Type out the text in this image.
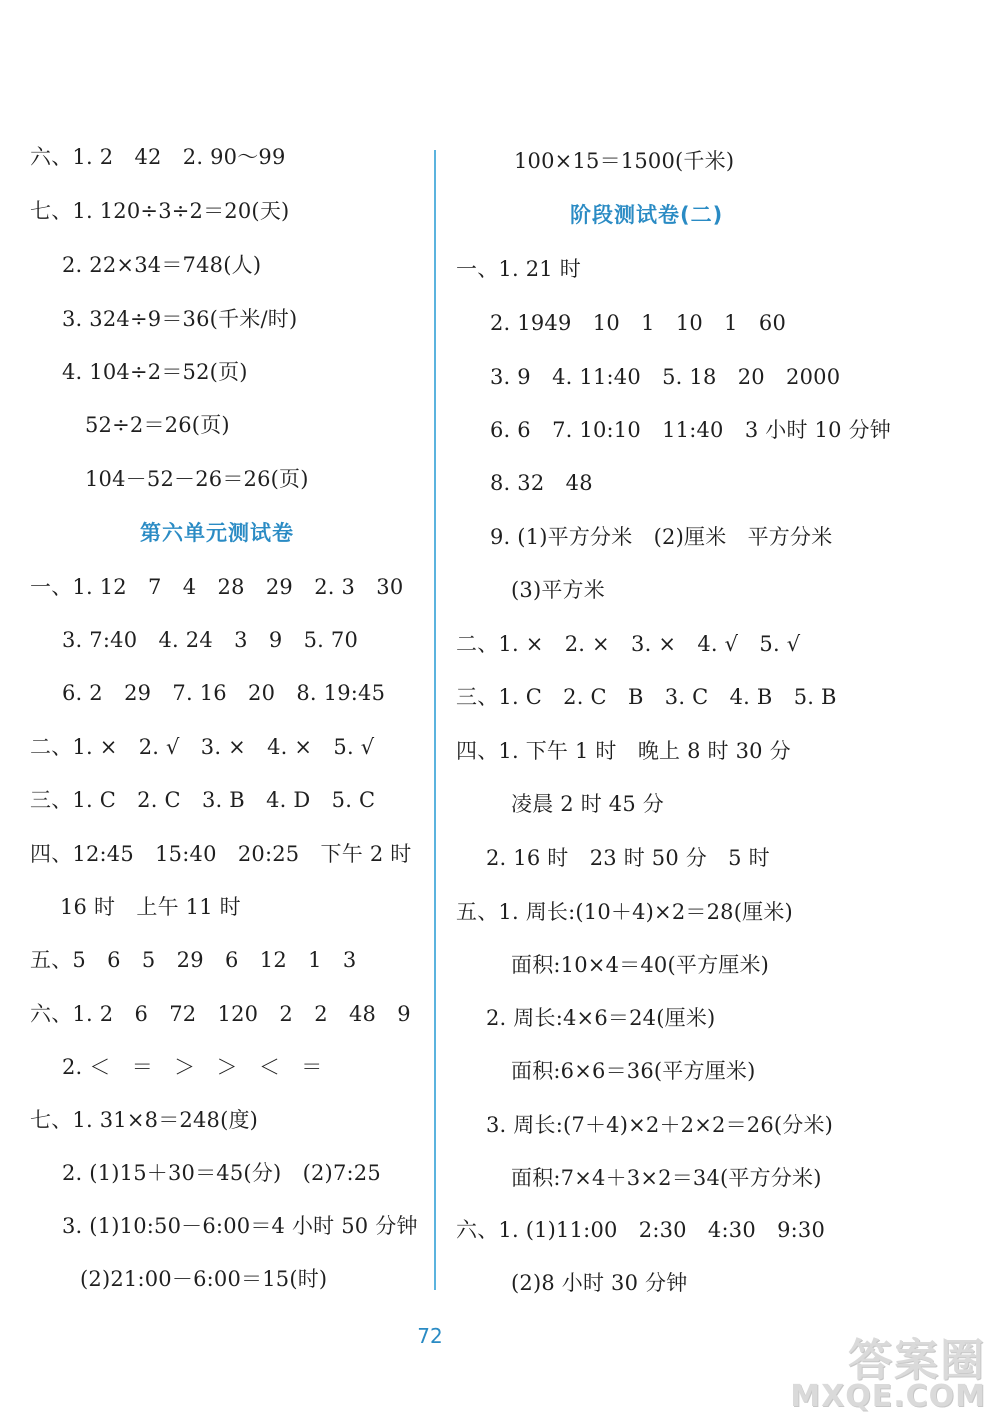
六、1. 2　42　2. 90～99
七、1. 120÷3÷2＝20(天)
2. 22×34＝748(人)
3. 324÷9＝36(千米/时)
4. 104÷2＝52(页)
52÷2＝26(页)
104－52－26＝26(页)
第六单元测试卷
一、1. 12　7　4　28　29　2. 3　30
3. 7:40　4. 24　3　9　5. 70
6. 2　29　7. 16　20　8. 19:45
二、1. ×　2. √　3. ×　4. ×　5. √
三、1. C　2. C　3. B　4. D　5. C
四、12:45　15:40　20:25　下午 2 时
16 时　上午 11 时
五、5　6　5　29　6　12　1　3
六、1. 2　6　72　120　2　2　48　9
2. ＜　＝　＞　＞　＜　＝
七、1. 31×8＝248(度)
2. (1)15＋30＝45(分)　(2)7:25
3. (1)10:50－6:00＝4 小时 50 分钟
(2)21:00－6:00＝15(时)
100×15＝1500(千米)
阶段测试卷(二)
一、1. 21 时
2. 1949　10　1　10　1　60
3. 9　4. 11:40　5. 18　20　2000
6. 6　7. 10:10　11:40　3 小时 10 分钟
8. 32　48
9. (1)平方分米　(2)厘米　平方分米
(3)平方米
二、1. ×　2. ×　3. ×　4. √　5. √
三、1. C　2. C　B　3. C　4. B　5. B
四、1. 下午 1 时　晚上 8 时 30 分
凌晨 2 时 45 分
2. 16 时　23 时 50 分　5 时
五、1. 周长:(10＋4)×2＝28(厘米)
面积:10×4＝40(平方厘米)
2. 周长:4×6＝24(厘米)
面积:6×6＝36(平方厘米)
3. 周长:(7＋4)×2＋2×2＝26(分米)
面积:7×4＋3×2＝34(平方分米)
六、1. (1)11:00　2:30　4:30　9:30
(2)8 小时 30 分钟
72	答案圈
MXQE.COM
